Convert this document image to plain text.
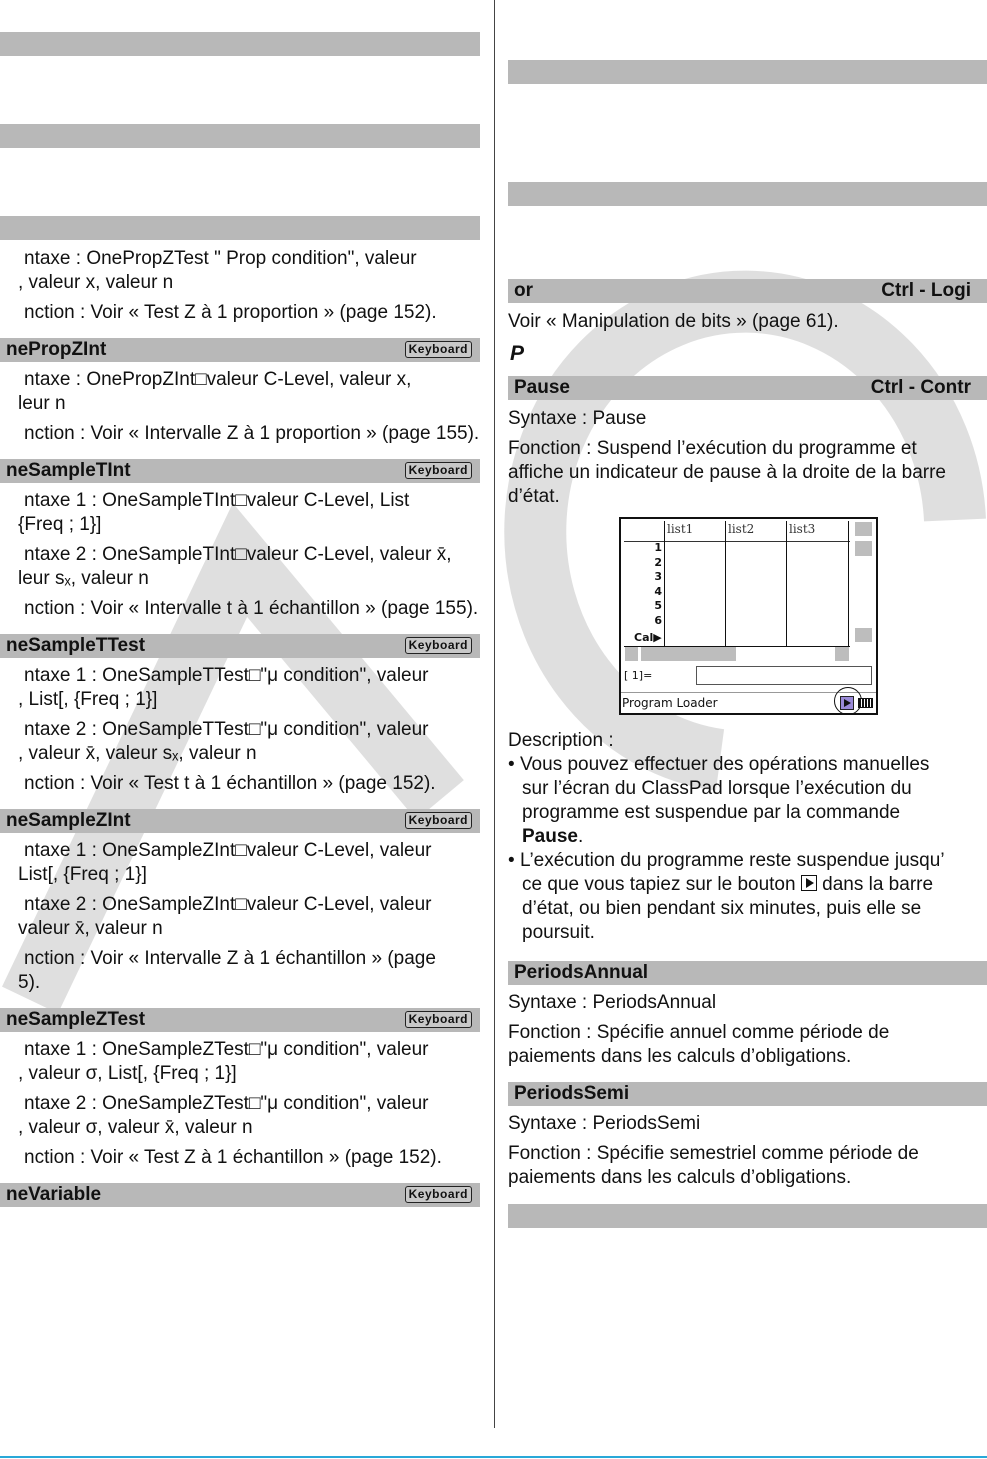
ntaxe : OnePropZTest " Prop condition", valeur
, valeur x, valeur n
nction : Voir « Test Z à 1 proportion » (page 152).
nePropZInt	Keyboard
ntaxe : OnePropZInt□valeur C-Level, valeur x,
leur n
nction : Voir « Intervalle Z à 1 proportion » (page 155).
neSampleTInt	Keyboard
ntaxe 1 : OneSampleTInt□valeur C-Level, List
{Freq ; 1}]
ntaxe 2 : OneSampleTInt□valeur C-Level, valeur x̄,
leur sₓ, valeur n
nction : Voir « Intervalle t à 1 échantillon » (page 155).
neSampleTTest	Keyboard
ntaxe 1 : OneSampleTTest□"μ condition", valeur
, List[, {Freq ; 1}]
ntaxe 2 : OneSampleTTest□"μ condition", valeur
, valeur x̄, valeur sₓ, valeur n
nction : Voir « Test t à 1 échantillon » (page 152).
neSampleZInt	Keyboard
ntaxe 1 : OneSampleZInt□valeur C-Level, valeur
List[, {Freq ; 1}]
ntaxe 2 : OneSampleZInt□valeur C-Level, valeur
valeur x̄, valeur n
nction : Voir « Intervalle Z à 1 échantillon » (page
5).
neSampleZTest	Keyboard
ntaxe 1 : OneSampleZTest□"μ condition", valeur
, valeur σ, List[, {Freq ; 1}]
ntaxe 2 : OneSampleZTest□"μ condition", valeur
, valeur σ, valeur x̄, valeur n
nction : Voir « Test Z à 1 échantillon » (page 152).
neVariable	Keyboard
or	Ctrl - Logi
Voir « Manipulation de bits » (page 61).
P
Pause	Ctrl - Contr
Syntaxe : Pause
Fonction : Suspend l’exécution du programme et
affiche un indicateur de pause à la droite de la barre
d’état.
list1	list2	list3
1
2
3
4
5
6
Cal▶
[ 1]=
Program Loader
Description :
• Vous pouvez effectuer des opérations manuelles
sur l’écran du ClassPad lorsque l’exécution du
programme est suspendue par la commande
Pause.
• L’exécution du programme reste suspendue jusqu’
ce que vous tapiez sur le bouton dans la barre
d’état, ou bien pendant six minutes, puis elle se
poursuit.
PeriodsAnnual
Syntaxe : PeriodsAnnual
Fonction : Spécifie annuel comme période de
paiements dans les calculs d’obligations.
PeriodsSemi
Syntaxe : PeriodsSemi
Fonction : Spécifie semestriel comme période de
paiements dans les calculs d’obligations.
